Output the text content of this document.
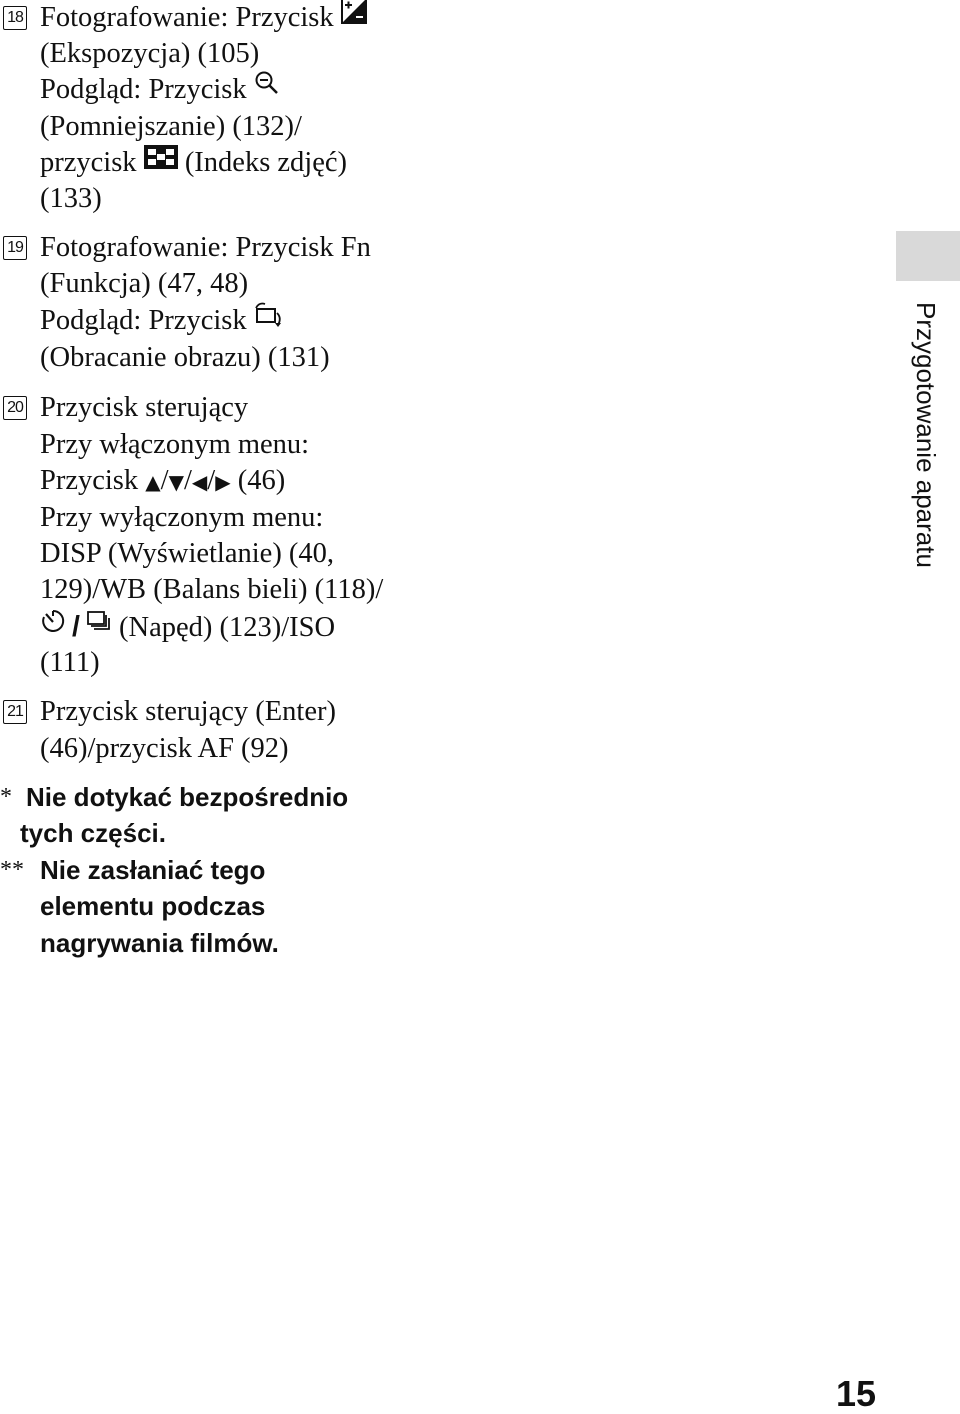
18 Fotografowanie: Przycisk
(Ekspozycja) (105)
Podgląd: Przycisk
(Pomniejszanie) (132)/
przycisk (Indeks zdjęć)
(133)
19 Fotografowanie: Przycisk Fn
(Funkcja) (47, 48)
Podgląd: Przycisk
(Obracanie obrazu) (131)
20 Przycisk sterujący
Przy włączonym menu:
Przycisk ▲/▼/◀/▶ (46)
Przy wyłączonym menu:
DISP (Wyświetlanie) (40,
129)/WB (Balans bieli) (118)/
/ (Napęd) (123)/ISO
(111)
21 Przycisk sterujący (Enter)
(46)/przycisk AF (92)
* Nie dotykać bezpośrednio
tych części.
** Nie zasłaniać tego
elementu podczas
nagrywania filmów.
Przygotowanie aparatu
15
